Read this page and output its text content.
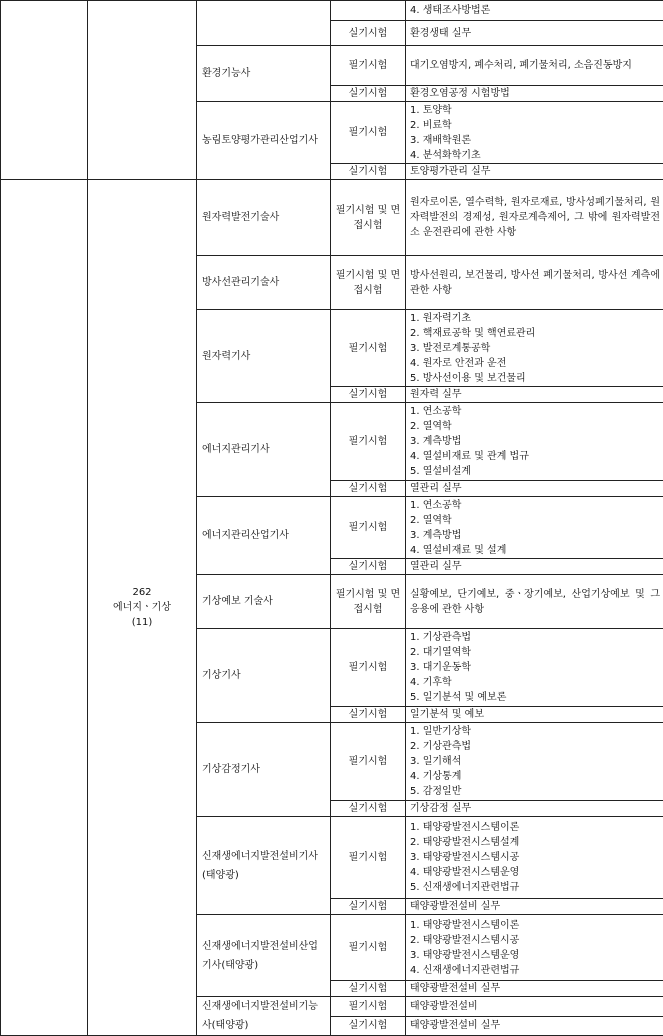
				4. 생태조사방법론

			실기시험	환경생태 실무

		환경기능사	필기시험	대기오염방지, 폐수처리, 폐기물처리, 소음진동방지
			실기시험	환경오염공정 시험방법

		농림토양평가관리산업기사	필기시험	1. 토양학
2. 비료학
3. 재배학원론
4. 분석화학기초

			실기시험	토양평가관리 실무

	262
에너지ㆍ기상
(11)	원자력발전기술사	필기시험 및 면접시험	원자로이론, 열수력학, 원자로재료, 방사성폐기물처리, 원자력발전의 경제성, 원자로계측제어, 그 밖에 원자력발전소 운전관리에 관한 사항
		방사선관리기술사	필기시험 및 면접시험	방사선원리, 보건물리, 방사선 폐기물처리, 방사선 계측에 관한 사항
		원자력기사	필기시험	1. 원자력기초
2. 핵재료공학 및 핵연료관리
3. 발전로계통공학
4. 원자로 안전과 운전
5. 방사선이용 및 보건물리

			실기시험	원자력 실무

		에너지관리기사	필기시험	1. 연소공학
2. 열역학
3. 계측방법
4. 열설비재료 및 관계 법규
5. 열설비설계

			실기시험	열관리 실무

		에너지관리산업기사	필기시험	1. 연소공학
2. 열역학
3. 계측방법
4. 열설비재료 및 설계

			실기시험	열관리 실무

		기상예보 기술사	필기시험 및 면접시험	실황예보, 단기예보, 중ㆍ장기예보, 산업기상예보 및 그 응용에 관한 사항
		기상기사	필기시험	1. 기상관측법
2. 대기열역학
3. 대기운동학
4. 기후학
5. 일기분석 및 예보론

			실기시험	일기분석 및 예보

		기상감정기사	필기시험	1. 일반기상학
2. 기상관측법
3. 일기해석
4. 기상통계
5. 감정일반

			실기시험	기상감정 실무

		신재생에너지발전설비기사(태양광)	필기시험	1. 태양광발전시스템이론
2. 태양광발전시스템설계
3. 태양광발전시스템시공
4. 태양광발전시스템운영
5. 신재생에너지관련법규

			실기시험	태양광발전설비 실무

		신재생에너지발전설비산업기사(태양광)	필기시험	1. 태양광발전시스템이론
2. 태양광발전시스템시공
3. 태양광발전시스템운영
4. 신재생에너지관련법규

			실기시험	태양광발전설비 실무

		신재생에너지발전설비기능사(태양광)	필기시험	태양광발전설비

			실기시험	태양광발전설비 실무
